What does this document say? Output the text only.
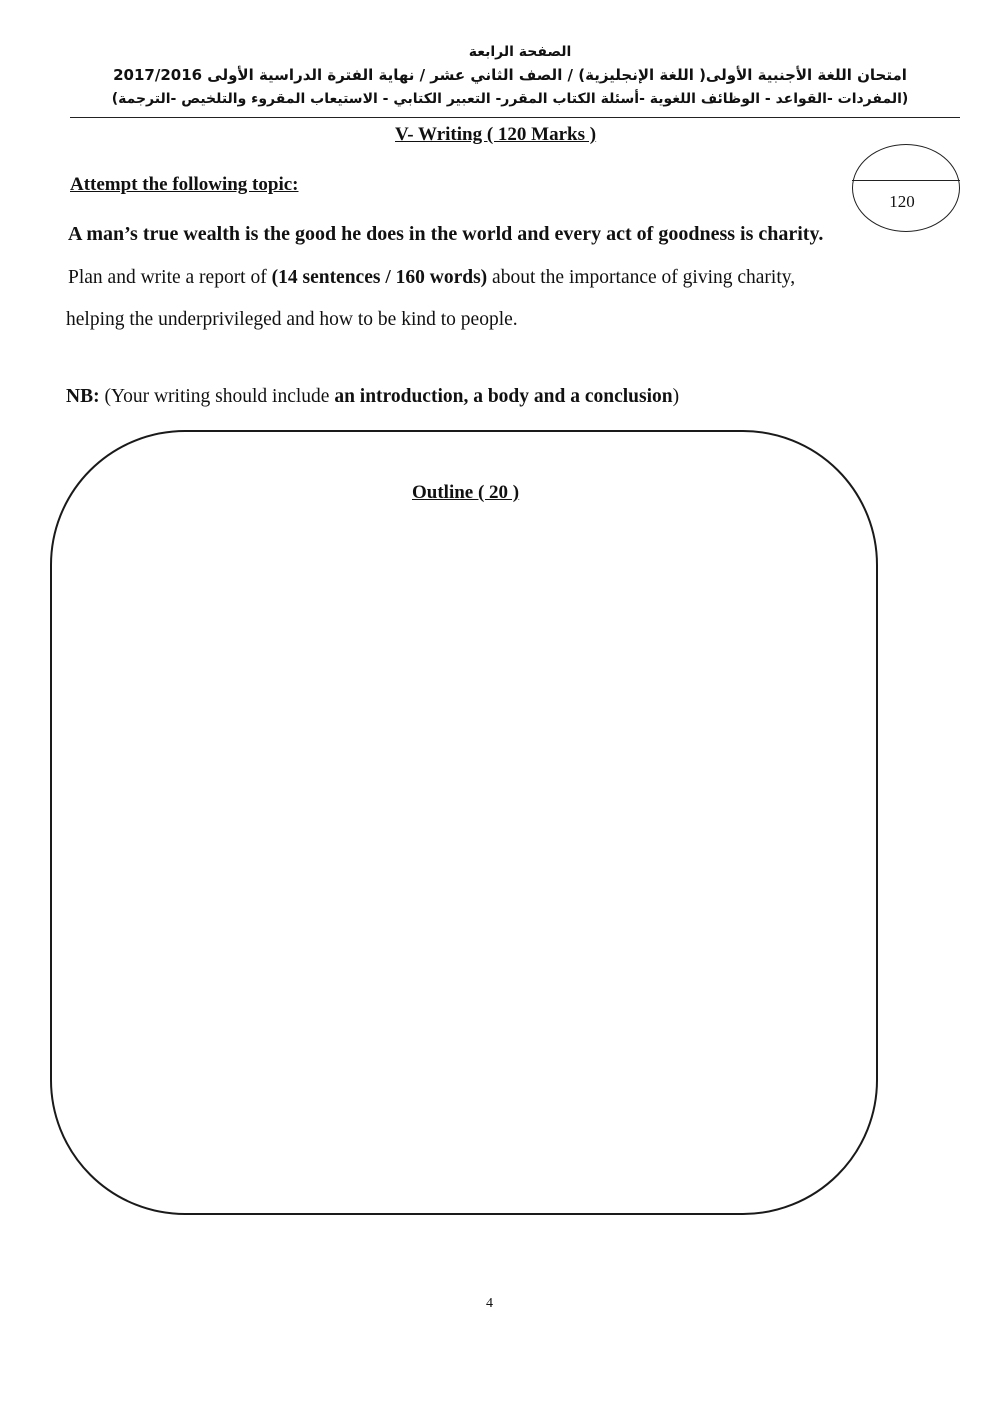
الصفحة الرابعة
امتحان اللغة الأجنبية الأولى( اللغة الإنجليزية) / الصف الثاني عشر / نهاية الفترة الدراسية الأولى 2017/2016
(المفردات -القواعد - الوظائف اللغوية -أسئلة الكتاب المقرر- التعبير الكتابي - الاستيعاب المقروء والتلخيص -الترجمة)
V- Writing ( 120 Marks )
120
Attempt the following topic:
A man’s true wealth is the good he does in the world and every act of goodness is charity.
Plan and write a report of (14 sentences / 160 words) about the importance of giving charity,
helping the underprivileged and how to be kind to people.
NB: (Your writing should include an introduction, a body and a conclusion)
Outline ( 20 )
4
